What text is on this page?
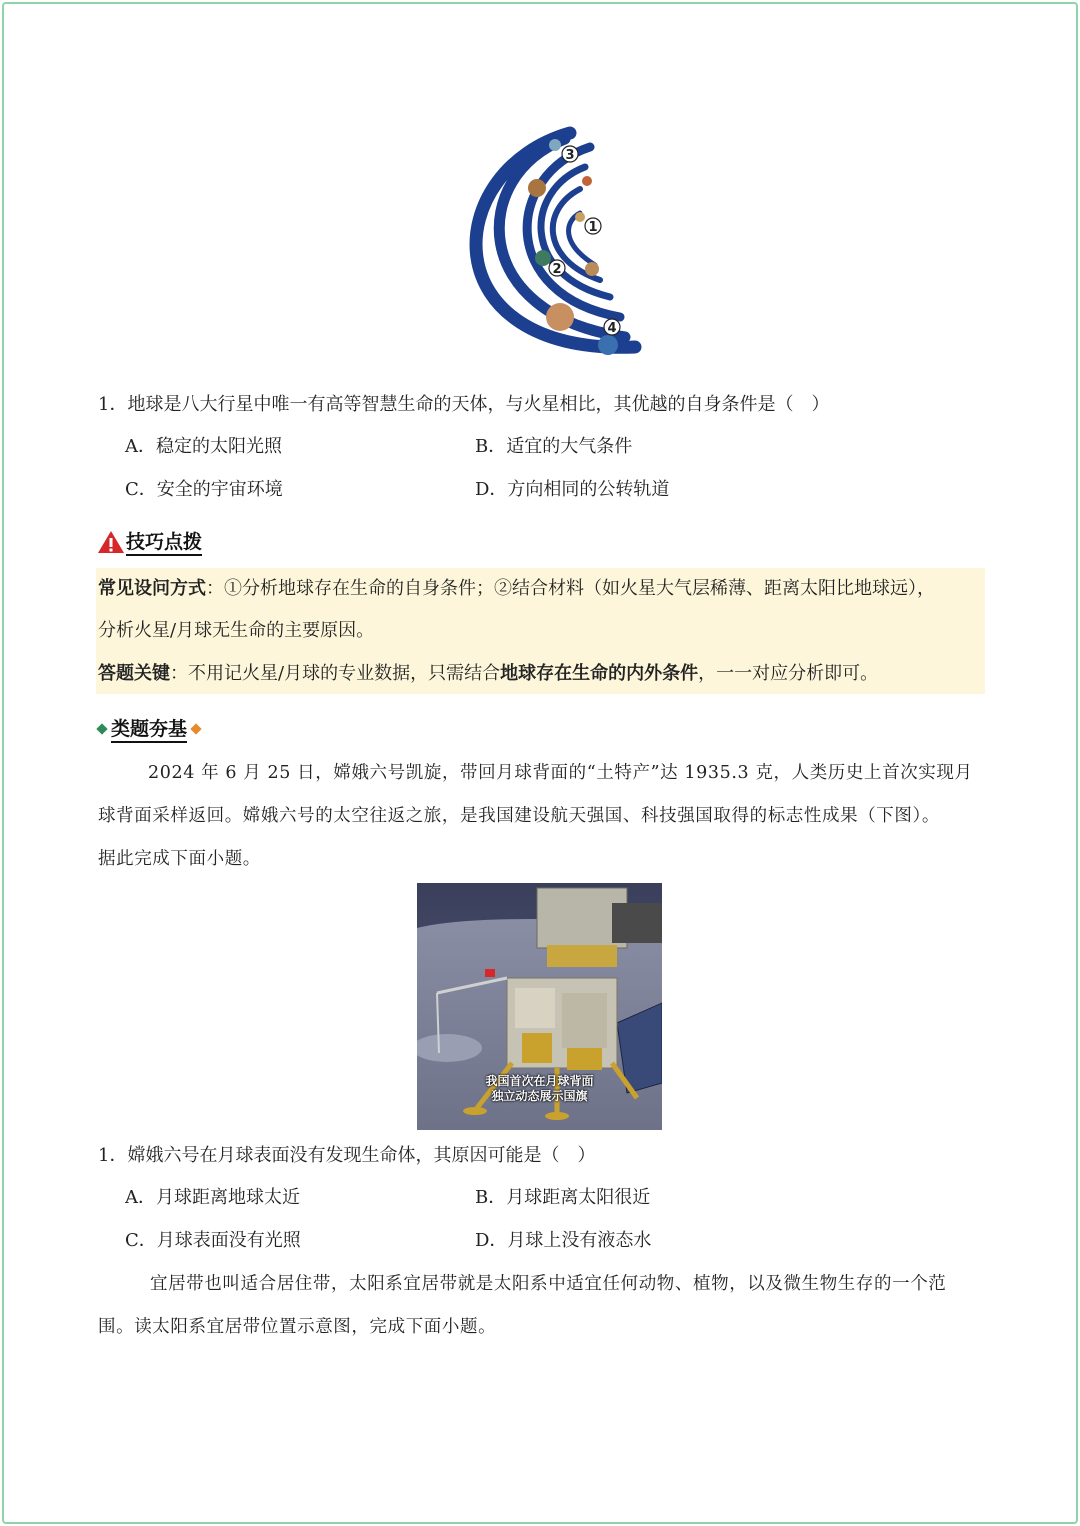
3
1
2
4
1．地球是八大行星中唯一有高等智慧生命的天体，与火星相比，其优越的自身条件是（　）
A．稳定的太阳光照	B．适宜的大气条件
C．安全的宇宙环境	D．方向相同的公转轨道
技巧点拨
常见设问方式：①分析地球存在生命的自身条件；②结合材料（如火星大气层稀薄、距离太阳比地球远），
分析火星/月球无生命的主要原因。
答题关键：不用记火星/月球的专业数据，只需结合地球存在生命的内外条件，一一对应分析即可。
类题夯基
2024 年 6 月 25 日，嫦娥六号凯旋，带回月球背面的“土特产”达 1935.3 克，人类历史上首次实现月
球背面采样返回。嫦娥六号的太空往返之旅，是我国建设航天强国、科技强国取得的标志性成果（下图）。
据此完成下面小题。
我国首次在月球背面
独立动态展示国旗
1．嫦娥六号在月球表面没有发现生命体，其原因可能是（　）
A．月球距离地球太近	B．月球距离太阳很近
C．月球表面没有光照	D．月球上没有液态水
宜居带也叫适合居住带，太阳系宜居带就是太阳系中适宜任何动物、植物，以及微生物生存的一个范
围。读太阳系宜居带位置示意图，完成下面小题。
